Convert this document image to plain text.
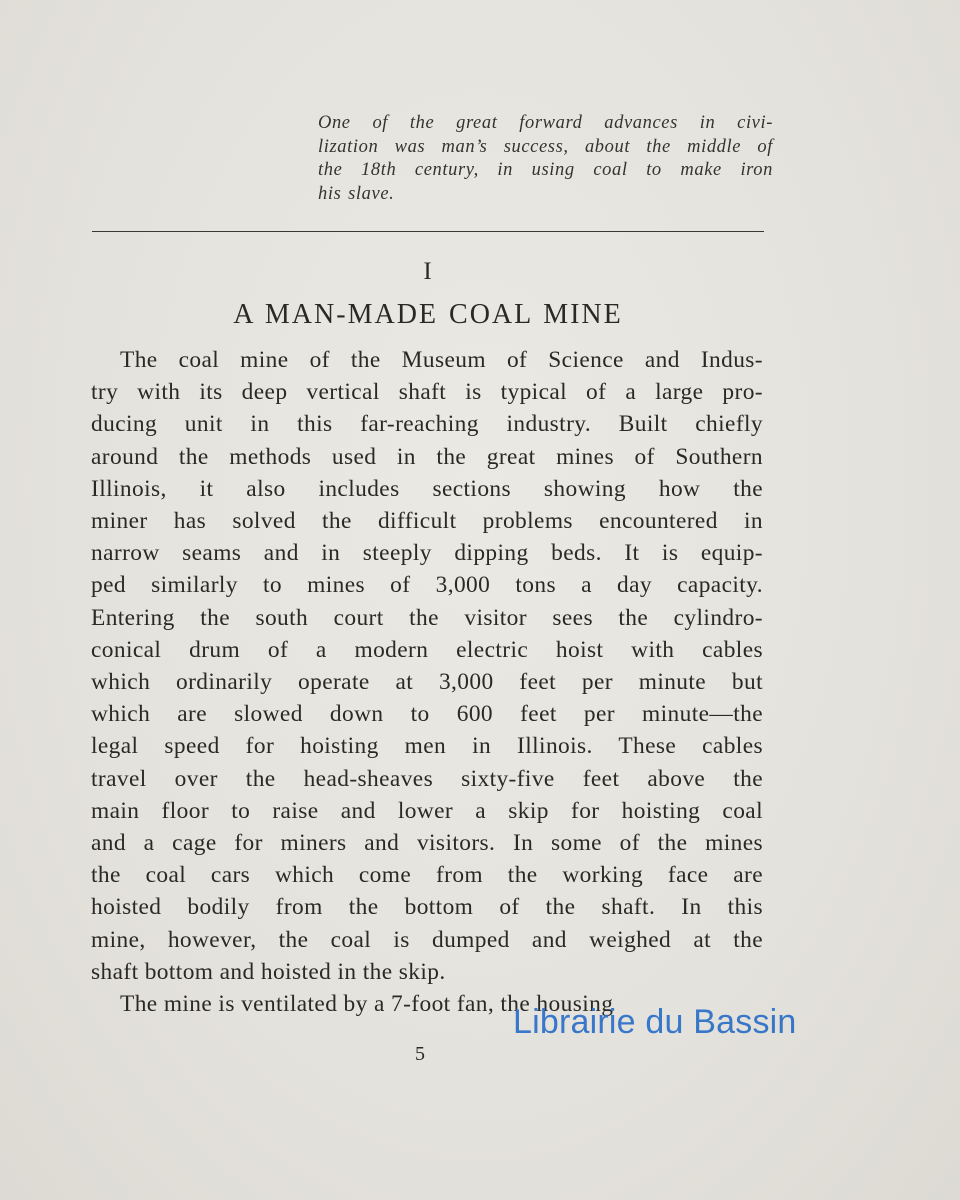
One of the great forward advances in civi-
lization was man’s success, about the middle of
the 18th century, in using coal to make iron
his slave.
I
A MAN-MADE COAL MINE
The coal mine of the Museum of Science and Indus-
try with its deep vertical shaft is typical of a large pro-
ducing unit in this far-reaching industry. Built chiefly
around the methods used in the great mines of Southern
Illinois, it also includes sections showing how the
miner has solved the difficult problems encountered in
narrow seams and in steeply dipping beds. It is equip-
ped similarly to mines of 3,000 tons a day capacity.
Entering the south court the visitor sees the cylindro-
conical drum of a modern electric hoist with cables
which ordinarily operate at 3,000 feet per minute but
which are slowed down to 600 feet per minute—the
legal speed for hoisting men in Illinois. These cables
travel over the head-sheaves sixty-five feet above the
main floor to raise and lower a skip for hoisting coal
and a cage for miners and visitors. In some of the mines
the coal cars which come from the working face are
hoisted bodily from the bottom of the shaft. In this
mine, however, the coal is dumped and weighed at the
shaft bottom and hoisted in the skip.
The mine is ventilated by a 7-foot fan, the housing
5
Librairie du Bassin
